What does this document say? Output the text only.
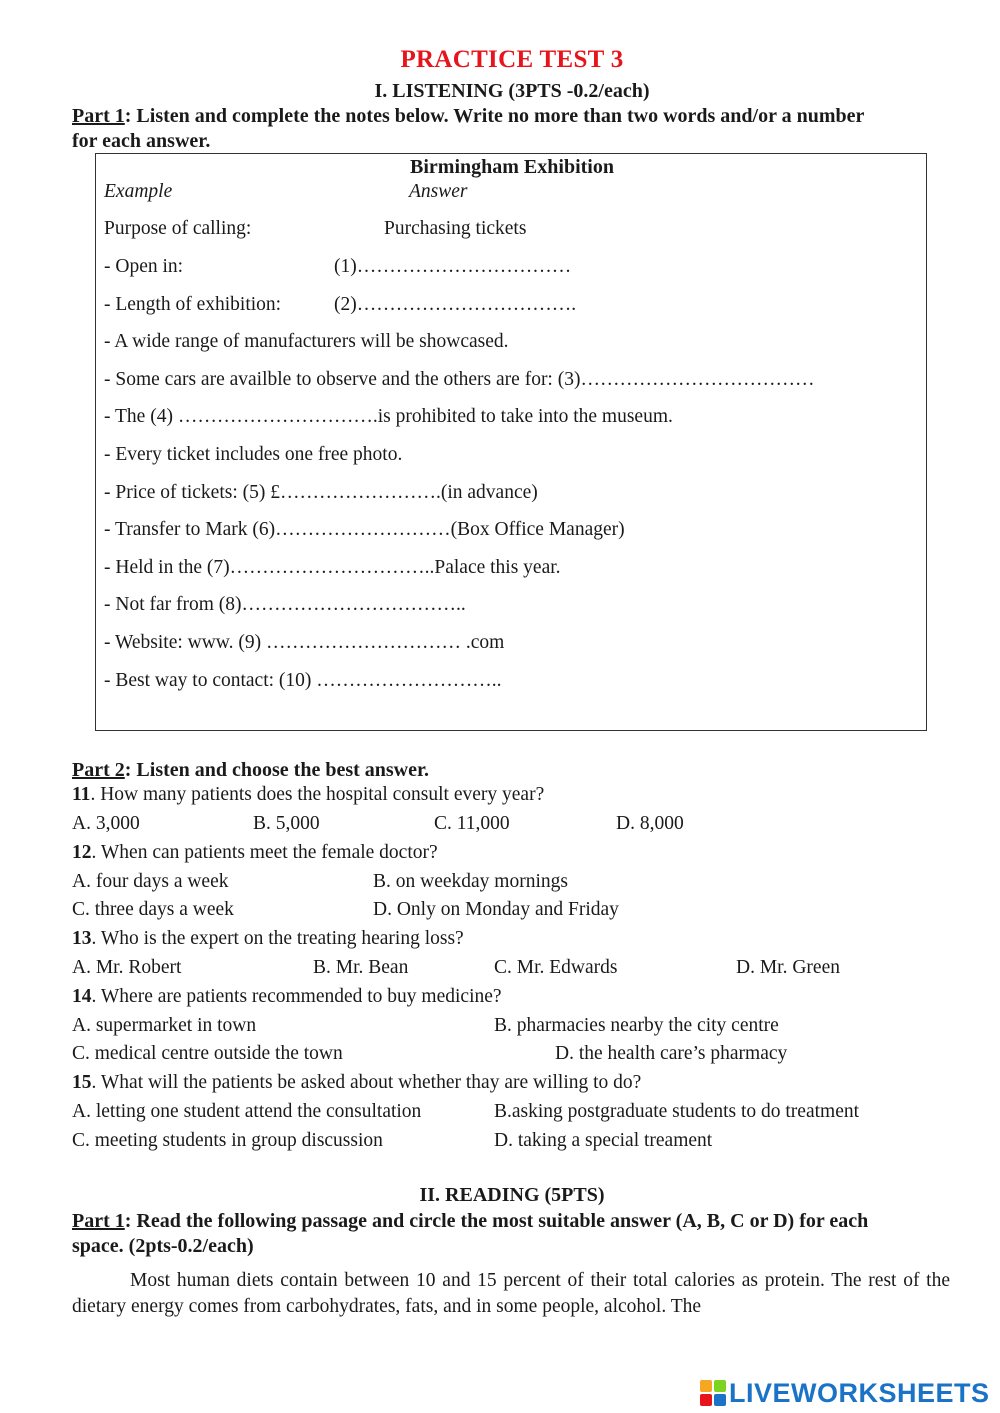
PRACTICE TEST 3
I. LISTENING (3PTS -0.2/each)
Part 1: Listen and complete the notes below. Write no more than two words and/or a number
for each answer.
Birmingham Exhibition
Example	Answer
Purpose of calling:	Purchasing tickets
- Open in:	(1)……………………………
- Length of exhibition:	(2)…………………………….
- A wide range of manufacturers will be showcased.
- Some cars are availble to observe and the others are for: (3)………………………………
- The (4) ………………………….is prohibited to take into the museum.
- Every ticket includes one free photo.
- Price of tickets: (5) £…………………….(in advance)
- Transfer to Mark (6)………………………(Box Office Manager)
- Held in the (7)…………………………..Palace this year.
- Not far from (8)……………………………..
- Website: www. (9) ………………………… .com
- Best way to contact: (10) ………………………..
Part 2: Listen and choose the best answer.
11. How many patients does the hospital consult every year?
A. 3,000	B. 5,000	C. 11,000	D. 8,000
12. When can patients meet the female doctor?
A. four days a week	B. on weekday mornings
C. three days a week	D. Only on Monday and Friday
13. Who is the expert on the treating hearing loss?
A. Mr. Robert	B. Mr. Bean	C. Mr. Edwards	D. Mr. Green
14. Where are patients recommended to buy medicine?
A. supermarket in town	B. pharmacies nearby the city centre
C. medical centre outside the town	D. the health care’s pharmacy
15. What will the patients be asked about whether thay are willing to do?
A. letting one student attend the consultation	B.asking postgraduate students to do treatment
C. meeting students in group discussion	D. taking a special treament
II. READING (5PTS)
Part 1: Read the following passage and circle the most suitable answer (A, B, C or D) for each
space. (2pts-0.2/each)
Most human diets contain between 10 and 15 percent of their total calories as protein. The rest of the dietary energy comes from carbohydrates, fats, and in some people, alcohol. The
LIVEWORKSHEETS
